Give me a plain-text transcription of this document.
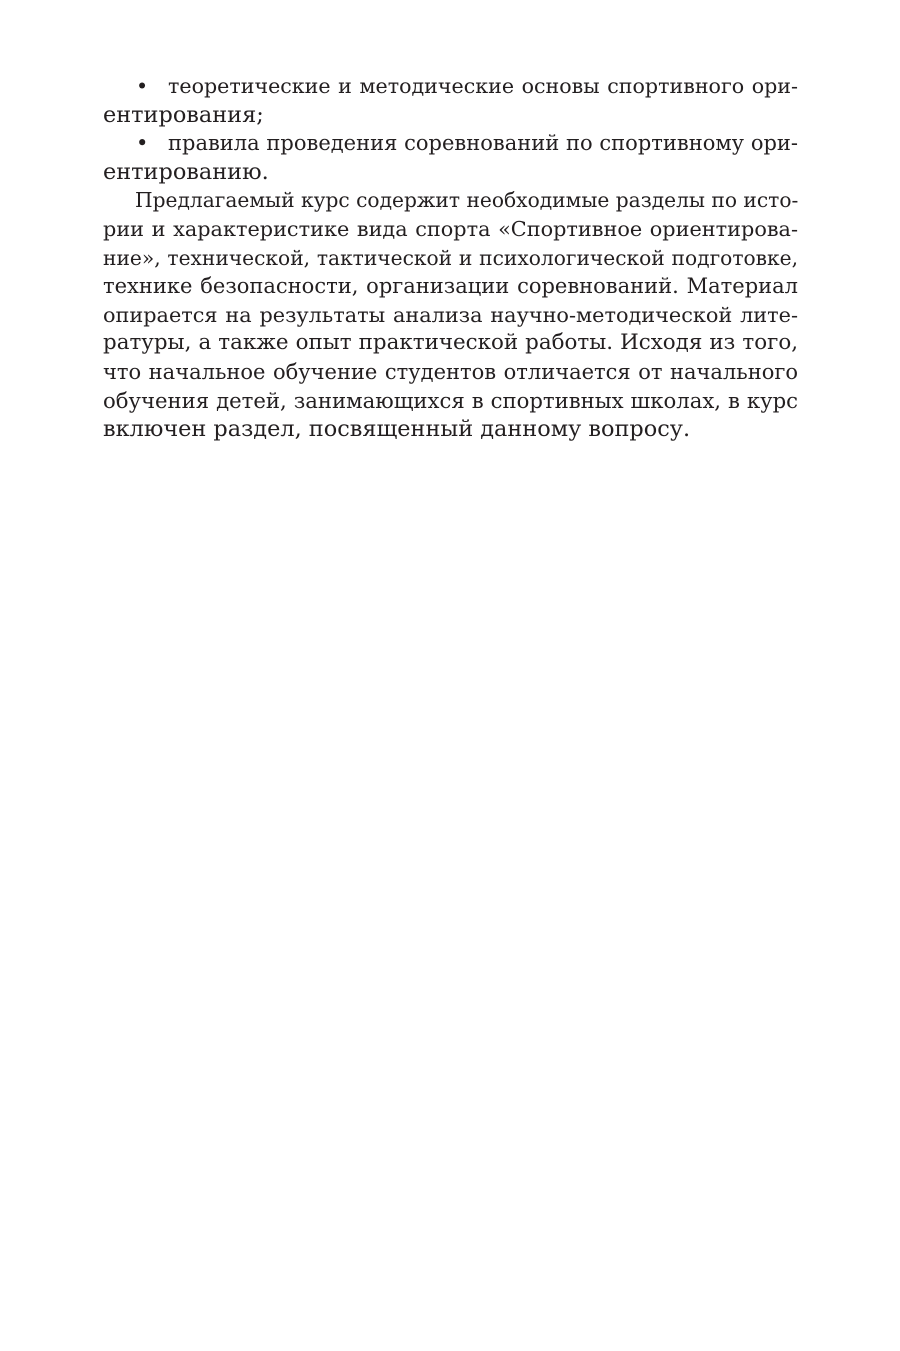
• теоретические и методические основы спортивного ори-
ентирования;
• правила проведения соревнований по спортивному ори-
ентированию.
Предлагаемый курс содержит необходимые разделы по исто-
рии и характеристике вида спорта «Спортивное ориентирова-
ние», технической, тактической и психологической подготовке,
технике безопасности, организации соревнований. Материал
опирается на результаты анализа научно-методической лите-
ратуры, а также опыт практической работы. Исходя из того,
что начальное обучение студентов отличается от начального
обучения детей, занимающихся в спортивных школах, в курс
включен раздел, посвященный данному вопросу.
